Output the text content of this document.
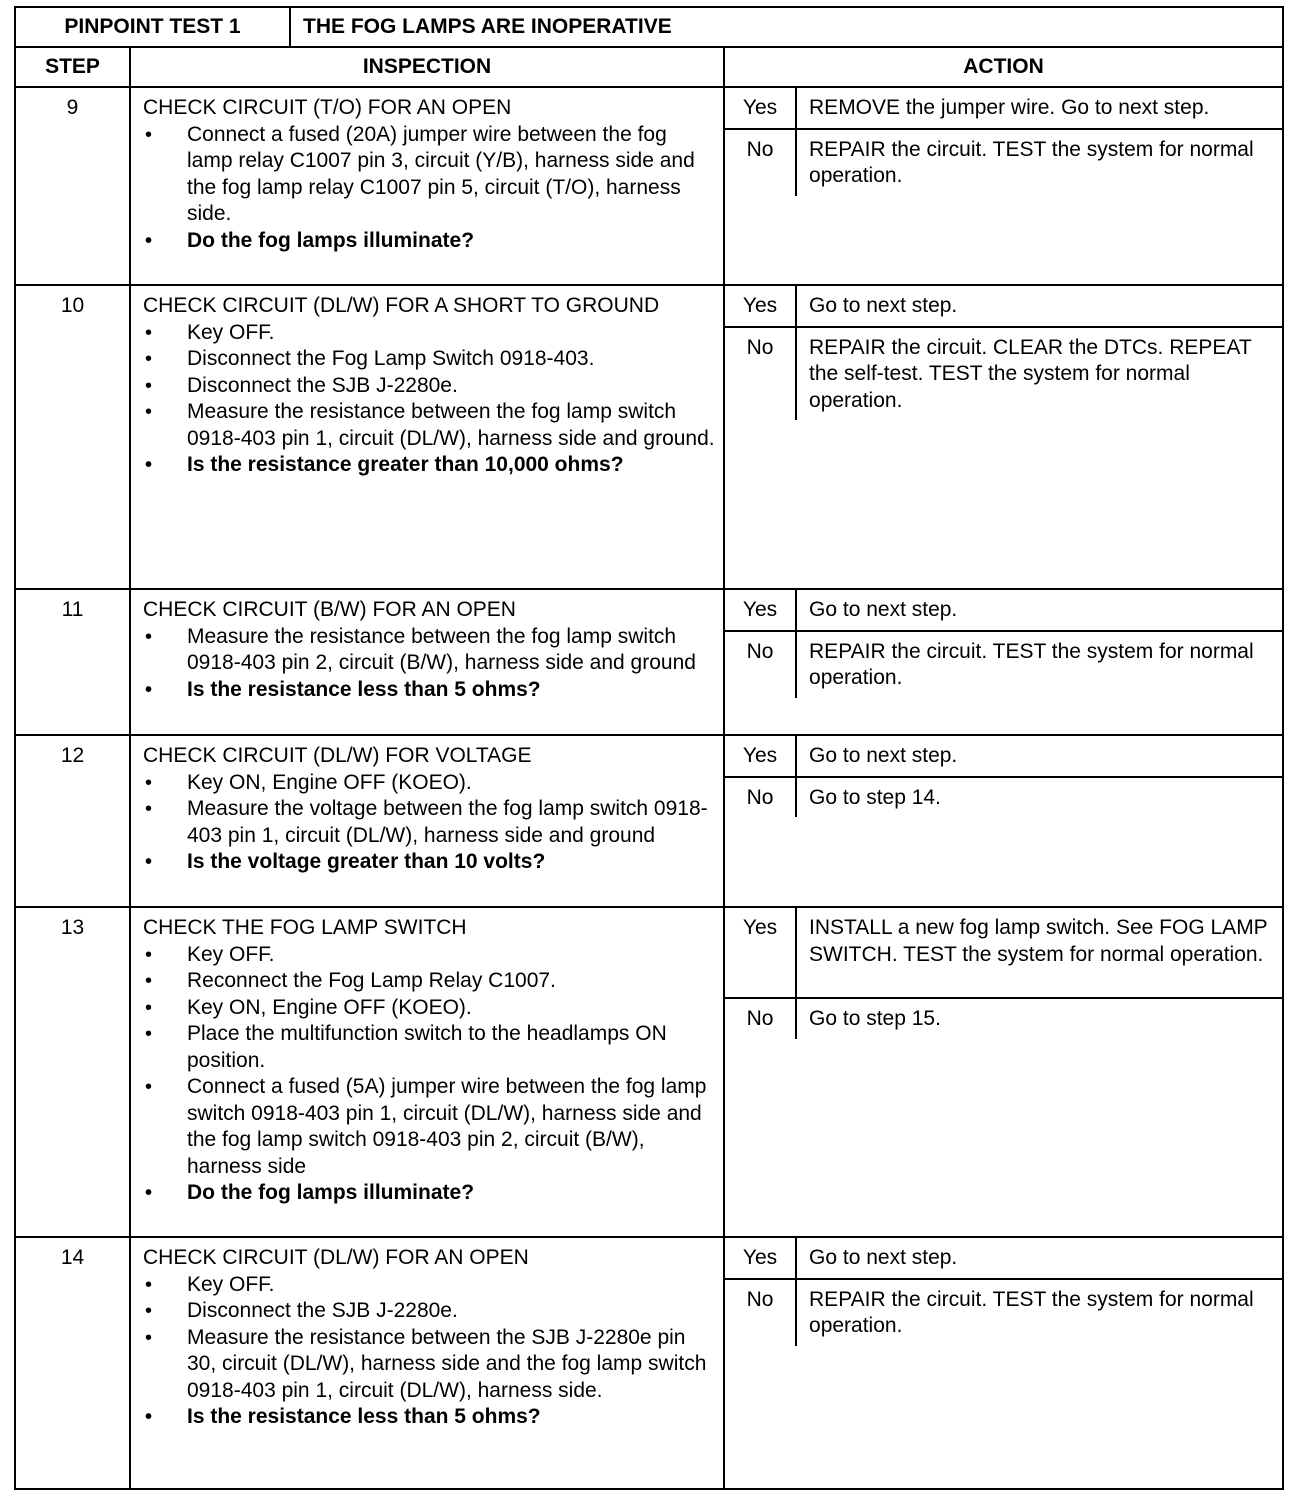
PINPOINT TEST 1	THE FOG LAMPS ARE INOPERATIVE
STEP	INSPECTION	ACTION
9	CHECK CIRCUIT (T/O) FOR AN OPEN
• Connect a fused (20A) jumper wire between the fog lamp relay C1007 pin 3, circuit (Y/B), harness side and the fog lamp relay C1007 pin 5, circuit (T/O), harness side.
• Do the fog lamps illuminate?

Yes	REMOVE the jumper wire. Go to next step.
No	REPAIR the circuit. TEST the system for normal operation.

10	CHECK CIRCUIT (DL/W) FOR A SHORT TO GROUND
• Key OFF.
• Disconnect the Fog Lamp Switch 0918-403.
• Disconnect the SJB J-2280e.
• Measure the resistance between the fog lamp switch 0918-403 pin 1, circuit (DL/W), harness side and ground.
• Is the resistance greater than 10,000 ohms?

Yes	Go to next step.
No	REPAIR the circuit. CLEAR the DTCs. REPEAT the self-test. TEST the system for normal operation.

11	CHECK CIRCUIT (B/W) FOR AN OPEN
• Measure the resistance between the fog lamp switch 0918-403 pin 2, circuit (B/W), harness side and ground
• Is the resistance less than 5 ohms?

Yes	Go to next step.
No	REPAIR the circuit. TEST the system for normal operation.

12	CHECK CIRCUIT (DL/W) FOR VOLTAGE
• Key ON, Engine OFF (KOEO).
• Measure the voltage between the fog lamp switch 0918-403 pin 1, circuit (DL/W), harness side and ground
• Is the voltage greater than 10 volts?

Yes	Go to next step.
No	Go to step 14.

13	CHECK THE FOG LAMP SWITCH
• Key OFF.
• Reconnect the Fog Lamp Relay C1007.
• Key ON, Engine OFF (KOEO).
• Place the multifunction switch to the headlamps ON position.
• Connect a fused (5A) jumper wire between the fog lamp switch 0918-403 pin 1, circuit (DL/W), harness side and the fog lamp switch 0918-403 pin 2, circuit (B/W), harness side
• Do the fog lamps illuminate?

Yes	INSTALL a new fog lamp switch. See FOG LAMP SWITCH. TEST the system for normal operation.
No	Go to step 15.

14	CHECK CIRCUIT (DL/W) FOR AN OPEN
• Key OFF.
• Disconnect the SJB J-2280e.
• Measure the resistance between the SJB J-2280e pin 30, circuit (DL/W), harness side and the fog lamp switch 0918-403 pin 1, circuit (DL/W), harness side.
• Is the resistance less than 5 ohms?

Yes	Go to next step.
No	REPAIR the circuit. TEST the system for normal operation.
